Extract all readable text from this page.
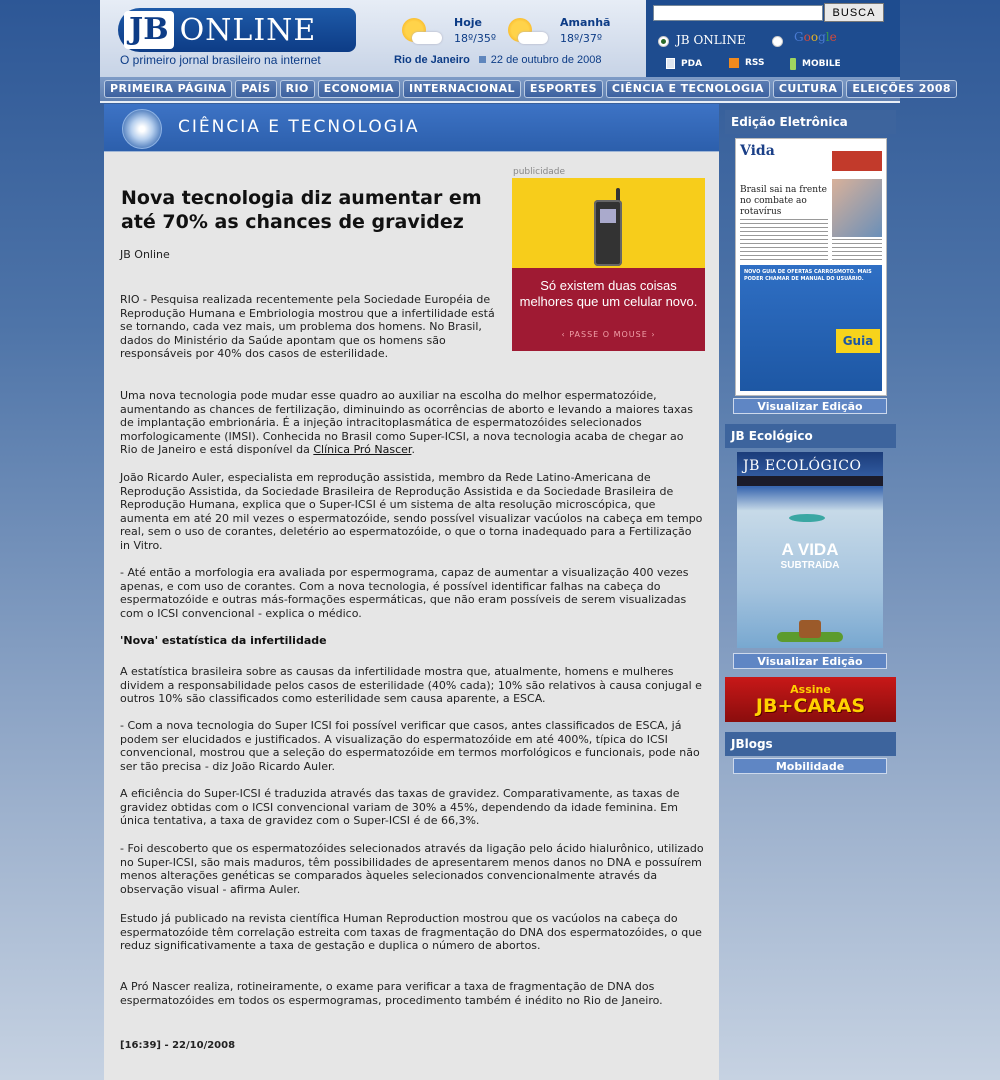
JB ONLINE
O primeiro jornal brasileiro na internet
Hoje
18º/35º
Amanhã
18º/37º
Rio de Janeiro 22 de outubro de 2008
BUSCA
JB ONLINE	Google
PDA	RSS	MOBILE
PRIMEIRA PÁGINA	PAÍS	RIO	ECONOMIA	INTERNACIONAL	ESPORTES	CIÊNCIA E TECNOLOGIA	CULTURA	ELEIÇÕES 2008
CIÊNCIA E TECNOLOGIA
publicidade
Só existem duas coisas melhores que um celular novo.
‹ PASSE O MOUSE ›
Nova tecnologia diz aumentar em até 70% as chances de gravidez
JB Online

RIO - Pesquisa realizada recentemente pela Sociedade Européia de Reprodução Humana e Embriologia mostrou que a infertilidade está se tornando, cada vez mais, um problema dos homens. No Brasil, dados do Ministério da Saúde apontam que os homens são responsáveis por 40% dos casos de esterilidade.

Uma nova tecnologia pode mudar esse quadro ao auxiliar na escolha do melhor espermatozóide, aumentando as chances de fertilização, diminuindo as ocorrências de aborto e levando a maiores taxas de implantação embrionária. É a injeção intracitoplasmática de espermatozóides selecionados morfologicamente (IMSI). Conhecida no Brasil como Super-ICSI, a nova tecnologia acaba de chegar ao Rio de Janeiro e está disponível da Clínica Pró Nascer.

João Ricardo Auler, especialista em reprodução assistida, membro da Rede Latino-Americana de Reprodução Assistida, da Sociedade Brasileira de Reprodução Assistida e da Sociedade Brasileira de Reprodução Humana, explica que o Super-ICSI é um sistema de alta resolução microscópica, que aumenta em até 20 mil vezes o espermatozóide, sendo possível visualizar vacúolos na cabeça em tempo real, sem o uso de corantes, deletério ao espermatozóide, o que o torna inadequado para a Fertilização in Vitro.

- Até então a morfologia era avaliada por espermograma, capaz de aumentar a visualização 400 vezes apenas, e com uso de corantes. Com a nova tecnologia, é possível identificar falhas na cabeça do espermatozóide e outras más-formações espermáticas, que não eram possíveis de serem visualizadas com o ICSI convencional - explica o médico.

'Nova' estatística da infertilidade

A estatística brasileira sobre as causas da infertilidade mostra que, atualmente, homens e mulheres dividem a responsabilidade pelos casos de esterilidade (40% cada); 10% são relativos à causa conjugal e outros 10% são classificados como esterilidade sem causa aparente, a ESCA.

- Com a nova tecnologia do Super ICSI foi possível verificar que casos, antes classificados de ESCA, já podem ser elucidados e justificados. A visualização do espermatozóide em até 400%, típica do ICSI convencional, mostrou que a seleção do espermatozóide em termos morfológicos e funcionais, pode não ser tão precisa - diz João Ricardo Auler.

A eficiência do Super-ICSI é traduzida através das taxas de gravidez. Comparativamente, as taxas de gravidez obtidas com o ICSI convencional variam de 30% a 45%, dependendo da idade feminina. Em única tentativa, a taxa de gravidez com o Super-ICSI é de 66,3%.

- Foi descoberto que os espermatozóides selecionados através da ligação pelo ácido hialurônico, utilizado no Super-ICSI, são mais maduros, têm possibilidades de apresentarem menos danos no DNA e possuírem menos alterações genéticas se comparados àqueles selecionados convencionalmente através da observação visual - afirma Auler.

Estudo já publicado na revista científica Human Reproduction mostrou que os vacúolos na cabeça do espermatozóide têm correlação estreita com taxas de fragmentação do DNA dos espermatozóides, o que reduz significativamente a taxa de gestação e duplica o número de abortos.

A Pró Nascer realiza, rotineiramente, o exame para verificar a taxa de fragmentação de DNA dos espermatozóides em todos os espermogramas, procedimento também é inédito no Rio de Janeiro.

[16:39] - 22/10/2008
Edição Eletrônica
Vida
Brasil sai na frente no combate ao rotavírus
NOVO GUIA DE OFERTAS CARROSMOTO. MAIS PODER CHAMAR DE MANUAL DO USUÁRIO.
Guia
Visualizar Edição
JB Ecológico
JB ECOLÓGICO
A VIDA
SUBTRAÍDA
Visualizar Edição
Assine
JB+CARAS
JBlogs
Mobilidade
